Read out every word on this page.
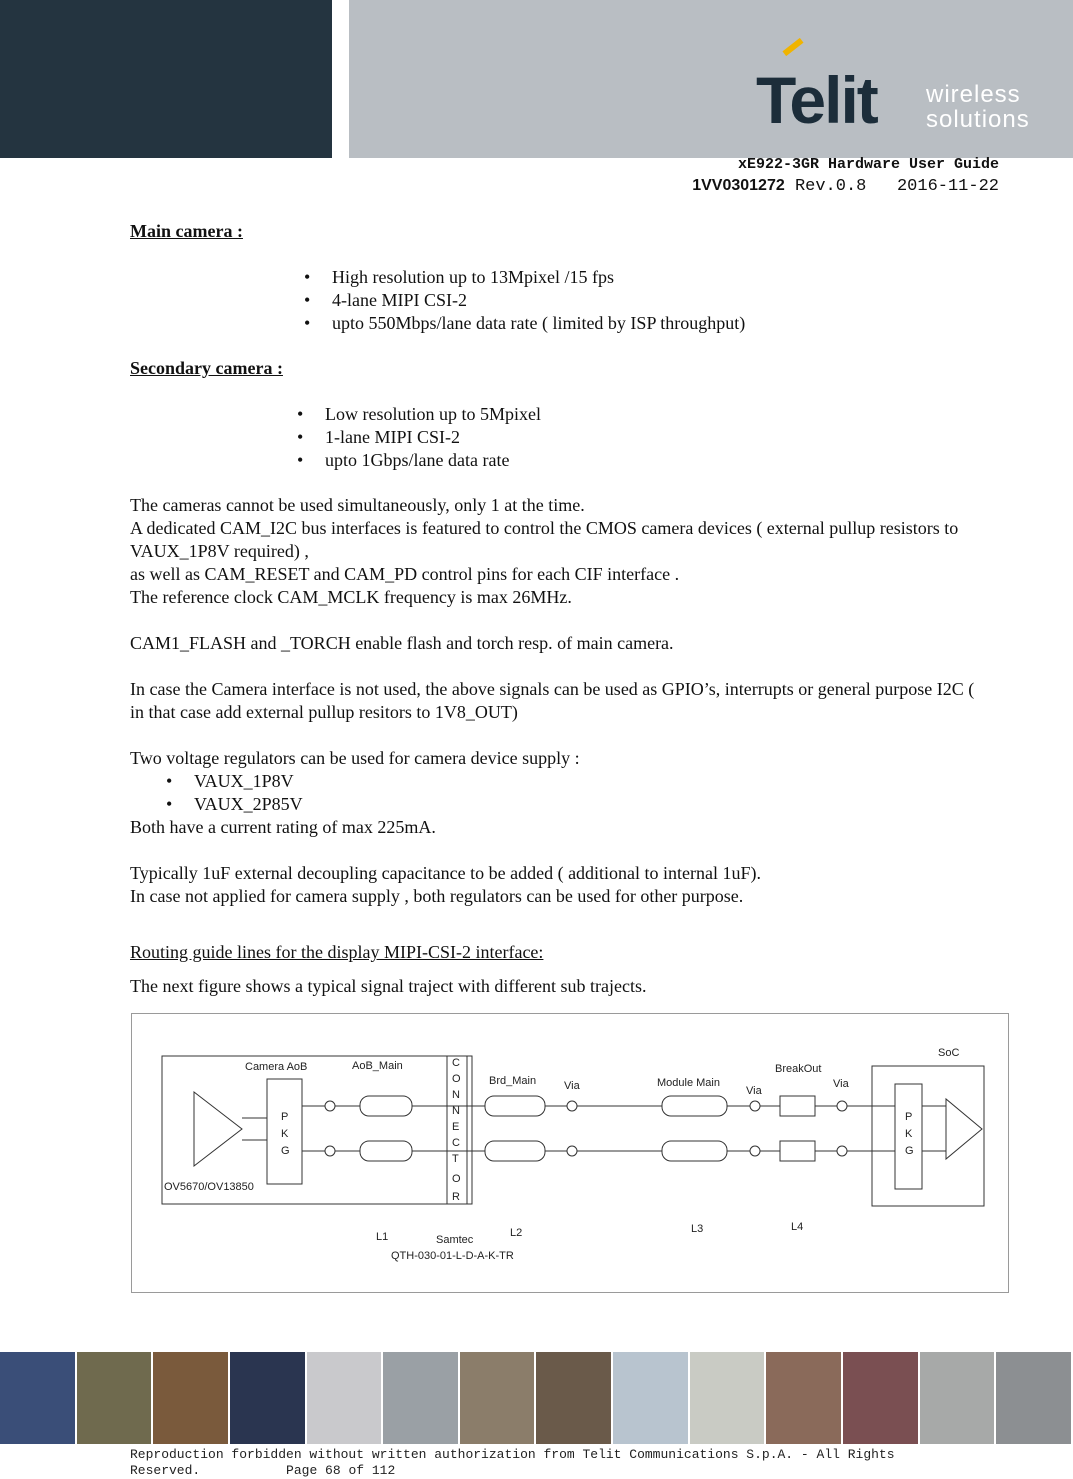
Telit wireless
solutions
xE922-3GR Hardware User Guide
1VV0301272 Rev.0.8   2016-11-22

Main camera :

• High resolution up to 13Mpixel /15 fps
• 4-lane MIPI CSI-2
• upto 550Mbps/lane data rate ( limited by ISP throughput)

Secondary camera :

• Low resolution up to 5Mpixel
• 1-lane MIPI CSI-2
• upto 1Gbps/lane data rate

The cameras cannot be used simultaneously, only 1 at the time.

A dedicated CAM_I2C bus interfaces is featured to control the CMOS camera devices ( external pullup resistors to VAUX_1P8V required) ,

as well as CAM_RESET and CAM_PD control pins for each CIF interface .

The reference clock CAM_MCLK frequency is max 26MHz.

CAM1_FLASH and _TORCH enable flash and torch resp. of main camera.

In case the Camera interface is not used, the above signals can be used as GPIO’s, interrupts or general purpose I2C ( in that case add external pullup resitors to 1V8_OUT)

Two voltage regulators can be used for camera device supply :

• VAUX_1P8V
• VAUX_2P85V

Both have a current rating of max 225mA.

Typically 1uF external decoupling capacitance to be added ( additional to internal 1uF).

In case not applied for camera supply , both regulators can be used for other purpose.

Routing guide lines for the display MIPI-CSI-2 interface:

The next figure shows a typical signal traject with different sub trajects.

Camera AoB	AoB_Main	C
O
N
N
E
C
T
O
R
Brd_Main	Via	Module Main
Via
BreakOut
Via
SoC
P
K
G
P
K
G
OV5670/OV13850
L1	L2	L3	L4
Samtec
QTH-030-01-L-D-A-K-TR
Reproduction forbidden without written authorization from Telit Communications S.p.A. - All Rights
Reserved.	Page 68 of 112
